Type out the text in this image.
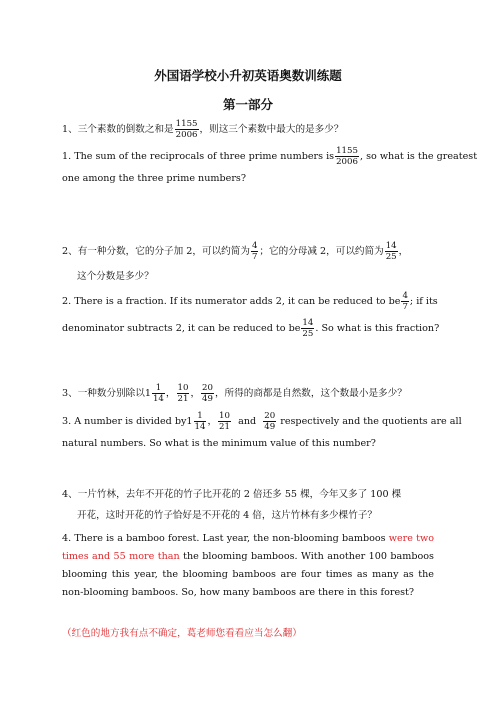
外国语学校小升初英语奥数训练题
第一部分
1、三个素数的倒数之和是 $\frac{1155}{2006}$ ，则这三个素数中最大的是多少？
1. The sum of the reciprocals of three prime numbers is $\frac{1155}{2006}$ , so what is the greatest
one among the three prime numbers?
2、有一种分数，它的分子加 2，可以约简为 $\frac{4}{7}$ ；它的分母减 2，可以约简为 $\frac{14}{25}$ ，
这个分数是多少？
2. There is a fraction. If its numerator adds 2, it can be reduced to be $\frac{4}{7}$ ; if its
denominator subtracts 2, it can be reduced to be $\frac{14}{25}$ . So what is this fraction?
3、一种数分别除以$1 \frac{1}{14}$ ， $\frac{10}{21}$ ， $\frac{20}{49}$ ，所得的商都是自然数，这个数最小是多少？
3. A number is divided $by1 \frac{1}{14}$ ， $\frac{10}{21}$ and $\frac{20}{49}$ respectively and the quotients are all
natural numbers. So what is the minimum value of this number?
4、一片竹林，去年不开花的竹子比开花的 2 倍还多 55 棵，今年又多了 100 棵
开花，这时开花的竹子恰好是不开花的 4 倍，这片竹林有多少棵竹子？
4. There is a bamboo forest. Last year, the non-blooming bamboos were two times and 55 more than the blooming bamboos. With another 100 bamboos blooming this year, the blooming bamboos are four times as many as the non-blooming bamboos. So, how many bamboos are there in this forest?
（红色的地方我有点不确定，葛老师您看看应当怎么翻）
